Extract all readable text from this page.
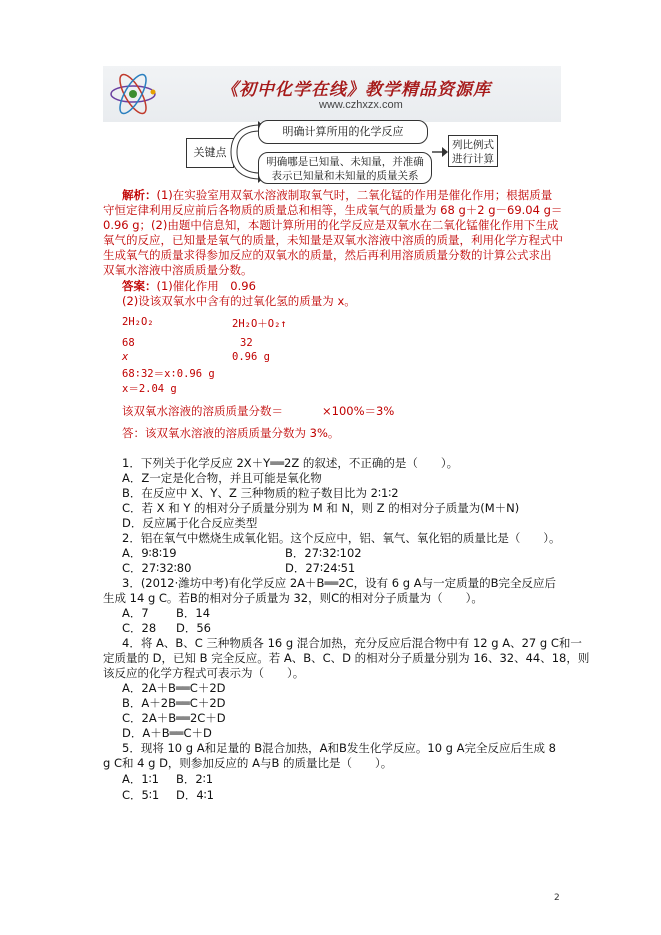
《初中化学在线》教学精品资源库
www.czhxzx.com
关键点
明确计算所用的化学反应
明确哪是已知量、未知量，并准确
表示已知量和未知量的质量关系
列比例式
进行计算
解析：(1)在实验室用双氧水溶液制取氧气时，二氧化锰的作用是催化作用；根据质量
守恒定律利用反应前后各物质的质量总和相等，生成氧气的质量为 68 g＋2 g－69.04 g＝
0.96 g；(2)由题中信息知，本题计算所用的化学反应是双氧水在二氧化锰催化作用下生成
氧气的反应，已知量是氧气的质量，未知量是双氧水溶液中溶质的质量，利用化学方程式中
生成氧气的质量求得参加反应的双氧水的质量，然后再利用溶质质量分数的计算公式求出
双氧水溶液中溶质质量分数。
答案：(1)催化作用　0.96
(2)设该双氧水中含有的过氧化氢的质量为 x。
2H₂O₂	2H₂O＋O₂↑
68	32
x	0.96 g
68∶32＝x∶0.96 g
x＝2.04 g
该双氧水溶液的溶质质量分数＝	×100%＝3%
答：该双氧水溶液的溶质质量分数为 3%。
1．下列关于化学反应 2X＋Y══2Z 的叙述，不正确的是（　　）。
A．Z一定是化合物，并且可能是氧化物
B．在反应中 X、Y、Z 三种物质的粒子数目比为 2∶1∶2
C．若 X 和 Y 的相对分子质量分别为 M 和 N，则 Z 的相对分子质量为(M＋N)
D．反应属于化合反应类型
2．铝在氧气中燃烧生成氧化铝。这个反应中，铝、氧气、氧化铝的质量比是（　　）。
A．9∶8∶19	B．27∶32∶102
C．27∶32∶80	D．27∶24∶51
3．(2012·潍坊中考)有化学反应 2A＋B══2C，设有 6 g A与一定质量的B完全反应后
生成 14 g C。若B的相对分子质量为 32，则C的相对分子质量为（　　）。
A．7 B．14
C．28 D．56
4．将 A、B、C 三种物质各 16 g 混合加热，充分反应后混合物中有 12 g A、27 g C和一
定质量的 D，已知 B 完全反应。若 A、B、C、D 的相对分子质量分别为 16、32、44、18，则
该反应的化学方程式可表示为（　　）。
A．2A＋B══C＋2D
B．A＋2B══C＋2D
C．2A＋B══2C＋D
D．A＋B══C＋D
5．现将 10 g A和足量的 B混合加热，A和B发生化学反应。10 g A完全反应后生成 8
g C和 4 g D，则参加反应的 A与B 的质量比是（　　）。
A．1∶1 B．2∶1
C．5∶1 D．4∶1
2
